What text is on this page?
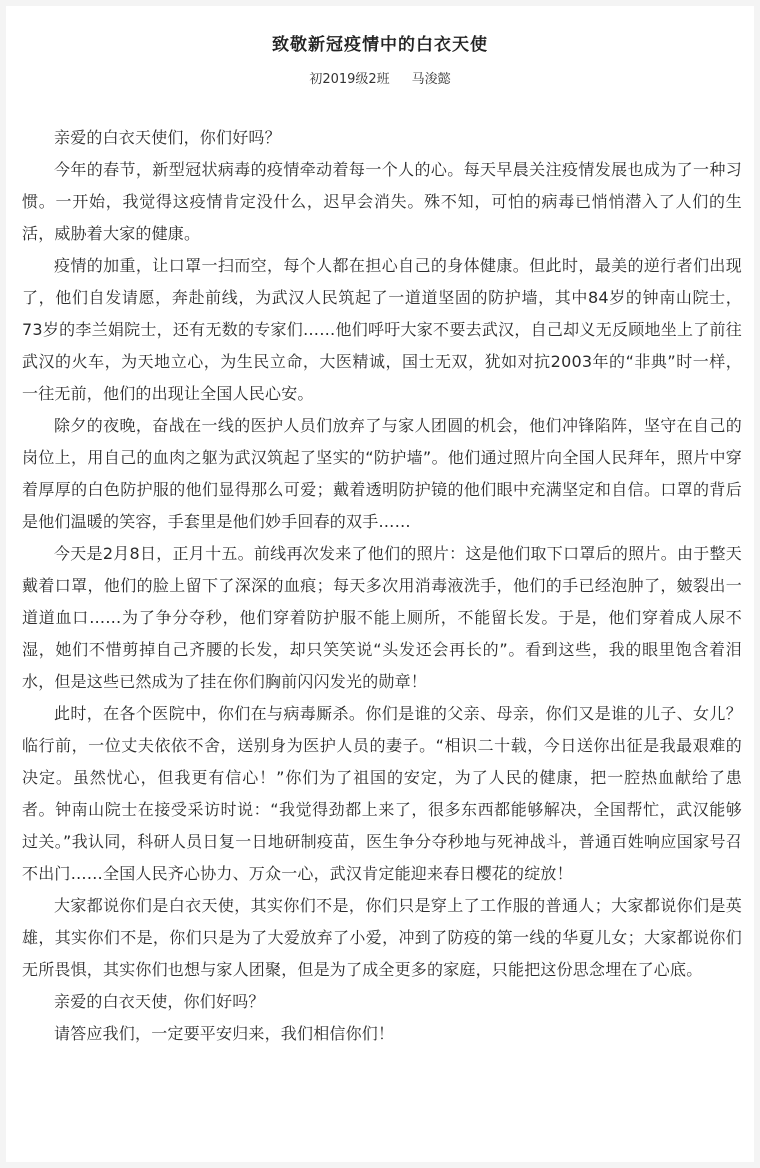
致敬新冠疫情中的白衣天使
初2019级2班 马浚懿

亲爱的白衣天使们，你们好吗？

今年的春节，新型冠状病毒的疫情牵动着每一个人的心。每天早晨关注疫情发展也成为了一种习惯。一开始，我觉得这疫情肯定没什么，迟早会消失。殊不知，可怕的病毒已悄悄潜入了人们的生活，威胁着大家的健康。

疫情的加重，让口罩一扫而空，每个人都在担心自己的身体健康。但此时，最美的逆行者们出现了，他们自发请愿，奔赴前线，为武汉人民筑起了一道道坚固的防护墙，其中84岁的钟南山院士，73岁的李兰娟院士，还有无数的专家们……他们呼吁大家不要去武汉，自己却义无反顾地坐上了前往武汉的火车，为天地立心，为生民立命，大医精诚，国士无双，犹如对抗2003年的“非典”时一样，一往无前，他们的出现让全国人民心安。

除夕的夜晚，奋战在一线的医护人员们放弃了与家人团圆的机会，他们冲锋陷阵，坚守在自己的岗位上，用自己的血肉之躯为武汉筑起了坚实的“防护墙”。他们通过照片向全国人民拜年，照片中穿着厚厚的白色防护服的他们显得那么可爱；戴着透明防护镜的他们眼中充满坚定和自信。口罩的背后是他们温暖的笑容，手套里是他们妙手回春的双手……

今天是2月8日，正月十五。前线再次发来了他们的照片：这是他们取下口罩后的照片。由于整天戴着口罩，他们的脸上留下了深深的血痕；每天多次用消毒液洗手，他们的手已经泡肿了，皴裂出一道道血口……为了争分夺秒，他们穿着防护服不能上厕所，不能留长发。于是，他们穿着成人尿不湿，她们不惜剪掉自己齐腰的长发，却只笑笑说“头发还会再长的”。看到这些，我的眼里饱含着泪水，但是这些已然成为了挂在你们胸前闪闪发光的勋章！

此时，在各个医院中，你们在与病毒厮杀。你们是谁的父亲、母亲，你们又是谁的儿子、女儿？临行前，一位丈夫依依不舍，送别身为医护人员的妻子。“相识二十载，今日送你出征是我最艰难的决定。虽然忧心，但我更有信心！”你们为了祖国的安定，为了人民的健康，把一腔热血献给了患者。钟南山院士在接受采访时说：“我觉得劲都上来了，很多东西都能够解决，全国帮忙，武汉能够过关。”我认同，科研人员日复一日地研制疫苗，医生争分夺秒地与死神战斗，普通百姓响应国家号召不出门……全国人民齐心协力、万众一心，武汉肯定能迎来春日樱花的绽放！

大家都说你们是白衣天使，其实你们不是，你们只是穿上了工作服的普通人；大家都说你们是英雄，其实你们不是，你们只是为了大爱放弃了小爱，冲到了防疫的第一线的华夏儿女；大家都说你们无所畏惧，其实你们也想与家人团聚，但是为了成全更多的家庭，只能把这份思念埋在了心底。

亲爱的白衣天使，你们好吗？

请答应我们，一定要平安归来，我们相信你们！
